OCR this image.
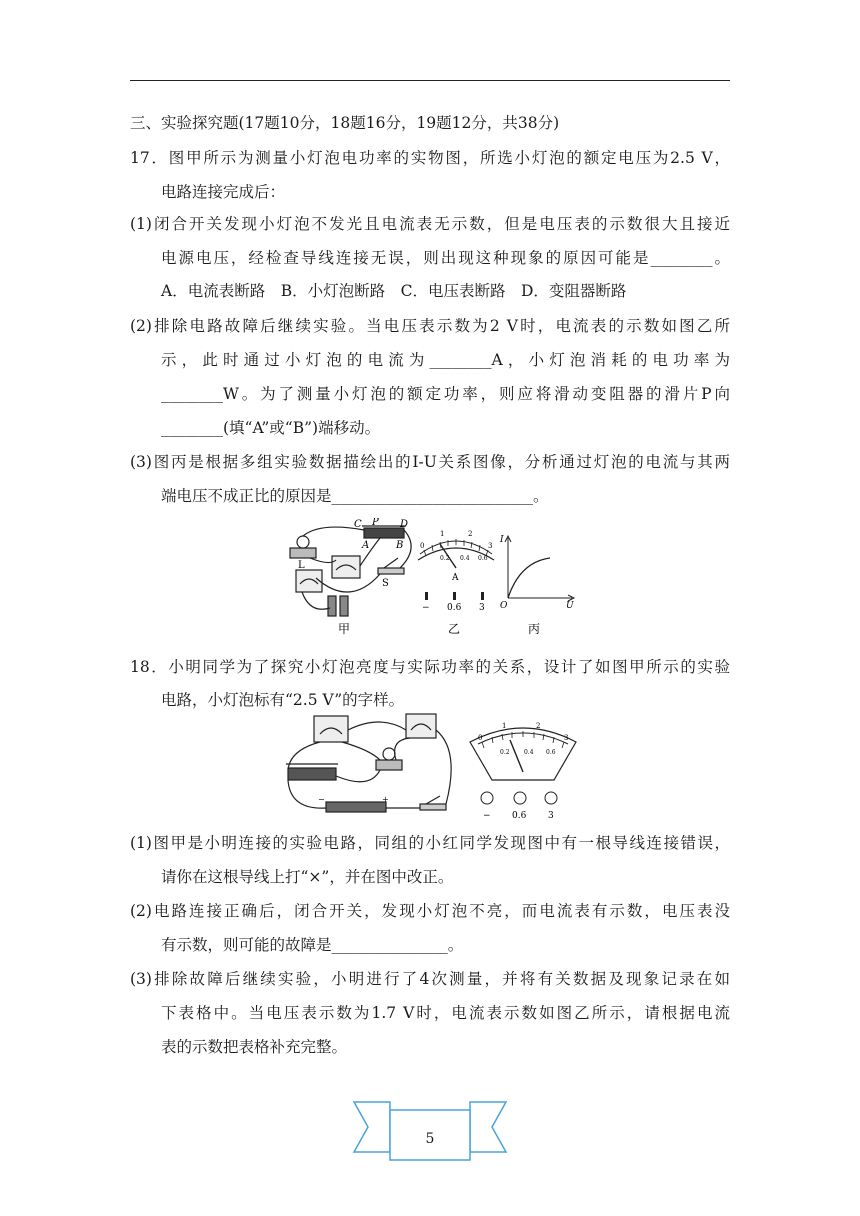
三、实验探究题(17题10分，18题16分，19题12分，共38分)
17．图甲所示为测量小灯泡电功率的实物图，所选小灯泡的额定电压为2.5 V，
电路连接完成后：
(1)闭合开关发现小灯泡不发光且电流表无示数，但是电压表的示数很大且接近
电源电压，经检查导线连接无误，则出现这种现象的原因可能是________。
A．电流表断路　B．小灯泡断路　C．电压表断路　D．变阻器断路
(2)排除电路故障后继续实验。当电压表示数为2 V时，电流表的示数如图乙所
示，此时通过小灯泡的电流为________A，小灯泡消耗的电功率为
________W。为了测量小灯泡的额定功率，则应将滑动变阻器的滑片P向
________(填“A”或“B”)端移动。
(3)图丙是根据多组实验数据描绘出的I-U关系图像，分析通过灯泡的电流与其两
端电压不成正比的原因是__________________________。
C P D
A	B
L
S
0
1	2
3
0.2 0.4 0.6
A
− 0.6 3
I
U
O
甲	乙	丙
18．小明同学为了探究小灯泡亮度与实际功率的关系，设计了如图甲所示的实验
电路，小灯泡标有“2.5 V”的字样。
−	+
0
1	2
3
0.2 0.4 0.6
− 0.6 3
(1)图甲是小明连接的实验电路，同组的小红同学发现图中有一根导线连接错误，
请你在这根导线上打“×”，并在图中改正。
(2)电路连接正确后，闭合开关，发现小灯泡不亮，而电流表有示数，电压表没
有示数，则可能的故障是_______________。
(3)排除故障后继续实验，小明进行了4次测量，并将有关数据及现象记录在如
下表格中。当电压表示数为1.7 V时，电流表示数如图乙所示，请根据电流
表的示数把表格补充完整。
5
